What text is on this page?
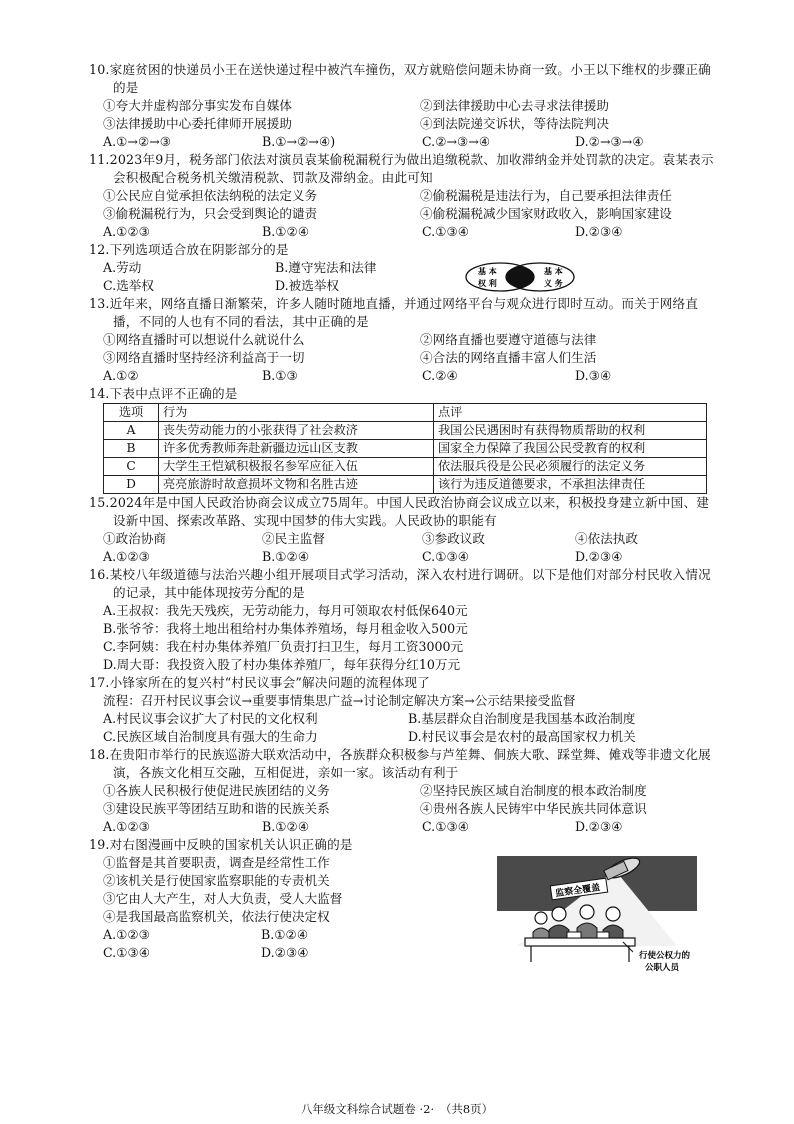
10.家庭贫困的快递员小王在送快递过程中被汽车撞伤，双方就赔偿问题未协商一致。小王以下维权的步骤正确的是
①夸大并虚构部分事实发布自媒体	②到法律援助中心去寻求法律援助
③法律援助中心委托律师开展援助	④到法院递交诉状，等待法院判决
A.①→②→③	B.①→②→④)	C.②→③→④	D.②→③→④
11.2023年9月，税务部门依法对演员袁某偷税漏税行为做出追缴税款、加收滞纳金并处罚款的决定。袁某表示会积极配合税务机关缴清税款、罚款及滞纳金。由此可知
①公民应自觉承担依法纳税的法定义务	②偷税漏税是违法行为，自己要承担法律责任
③偷税漏税行为，只会受到舆论的谴责	④偷税漏税减少国家财政收入，影响国家建设
A.①②③	B.①②④	C.①③④	D.②③④
12.下列选项适合放在阴影部分的是
A.劳动	B.遵守宪法和法律
C.选举权	D.被选举权
基 本
权 利
基 本
义 务
13.近年来，网络直播日渐繁荣，许多人随时随地直播，并通过网络平台与观众进行即时互动。而关于网络直播，不同的人也有不同的看法，其中正确的是
①网络直播时可以想说什么就说什么	②网络直播也要遵守道德与法律
③网络直播时坚持经济利益高于一切	④合法的网络直播丰富人们生活
A.①②	B.①③	C.②④	D.③④
14.下表中点评不正确的是
选项	行为	点评
A	丧失劳动能力的小张获得了社会救济	我国公民遇困时有获得物质帮助的权利
B	许多优秀教师奔赴新疆边远山区支教	国家全力保障了我国公民受教育的权利
C	大学生王恺斌积极报名参军应征入伍	依法服兵役是公民必须履行的法定义务
D	亮亮旅游时故意损坏文物和名胜古迹	该行为违反道德要求，不承担法律责任
15.2024年是中国人民政治协商会议成立75周年。中国人民政治协商会议成立以来，积极投身建立新中国、建设新中国、探索改革路、实现中国梦的伟大实践。人民政协的职能有
①政治协商	②民主监督	③参政议政	④依法执政
A.①②③	B.①②④	C.①③④	D.②③④
16.某校八年级道德与法治兴趣小组开展项目式学习活动，深入农村进行调研。以下是他们对部分村民收入情况的记录，其中能体现按劳分配的是
A.王叔叔：我先天残疾，无劳动能力，每月可领取农村低保640元
B.张爷爷：我将土地出租给村办集体养殖场，每月租金收入500元
C.李阿姨：我在村办集体养殖厂负责打扫卫生，每月工资3000元
D.周大哥：我投资入股了村办集体养殖厂，每年获得分红10万元
17.小锋家所在的复兴村“村民议事会”解决问题的流程体现了
流程：召开村民议事会议→重要事情集思广益→讨论制定解决方案→公示结果接受监督
A.村民议事会议扩大了村民的文化权利	B.基层群众自治制度是我国基本政治制度
C.民族区域自治制度具有强大的生命力	D.村民议事会是农村的最高国家权力机关
18.在贵阳市举行的民族巡游大联欢活动中，各族群众积极参与芦笙舞、侗族大歌、踩堂舞、傩戏等非遗文化展演，各族文化相互交融，互相促进，亲如一家。该活动有利于
①各族人民积极行使促进民族团结的义务	②坚持民族区域自治制度的根本政治制度
③建设民族平等团结互助和谐的民族关系	④贵州各族人民铸牢中华民族共同体意识
A.①②③	B.①②④	C.①③④	D.②③④
19.对右图漫画中反映的国家机关认识正确的是
①监督是其首要职责，调查是经常性工作
②该机关是行使国家监察职能的专责机关
③它由人大产生，对人大负责，受人大监督
④是我国最高监察机关，依法行使决定权
A.①②③	B.①②④
C.①③④	D.②③④
监察全覆盖
行使公权力的
公职人员
八年级文科综合试题卷 ·2·　（共8页）
